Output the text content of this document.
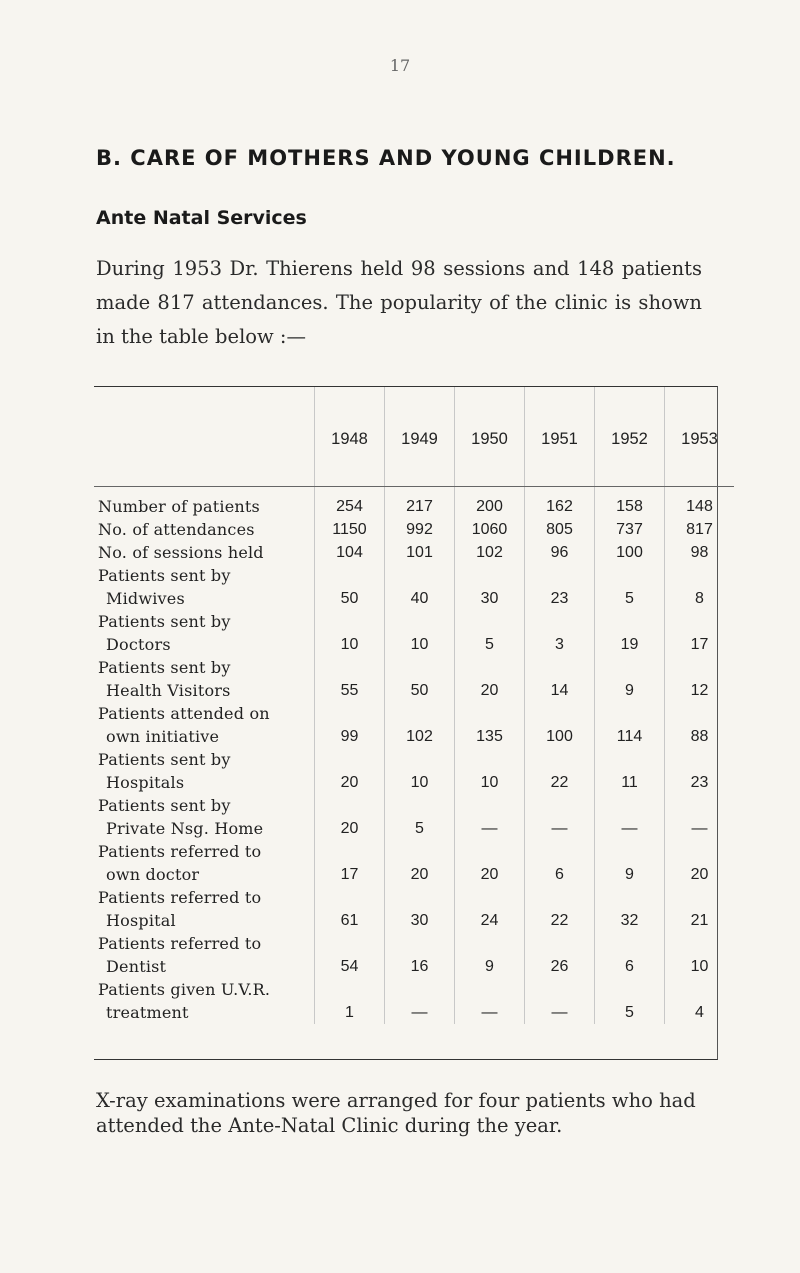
17
B. CARE OF MOTHERS AND YOUNG CHILDREN.
Ante Natal Services

During 1953 Dr. Thierens held 98 sessions and 148 patients made 817 attendances. The popularity of the clinic is shown in the table below :—

	1948	1949	1950	1951	1952	1953
Number of patients	254	217	200	162	158	148
No. of attendances	1150	992	1060	805	737	817
No. of sessions held	104	101	102	96	100	98
Patients sent by						
Midwives	50	40	30	23	5	8
Patients sent by						
Doctors	10	10	5	3	19	17
Patients sent by						
Health Visitors	55	50	20	14	9	12
Patients attended on						
own initiative	99	102	135	100	114	88
Patients sent by						
Hospitals	20	10	10	22	11	23
Patients sent by						
Private Nsg. Home	20	5	—	—	—	—
Patients referred to						
own doctor	17	20	20	6	9	20
Patients referred to						
Hospital	61	30	24	22	32	21
Patients referred to						
Dentist	54	16	9	26	6	10
Patients given U.V.R.						
treatment	1	—	—	—	5	4

X-ray examinations were arranged for four patients who had attended the Ante-Natal Clinic during the year.
